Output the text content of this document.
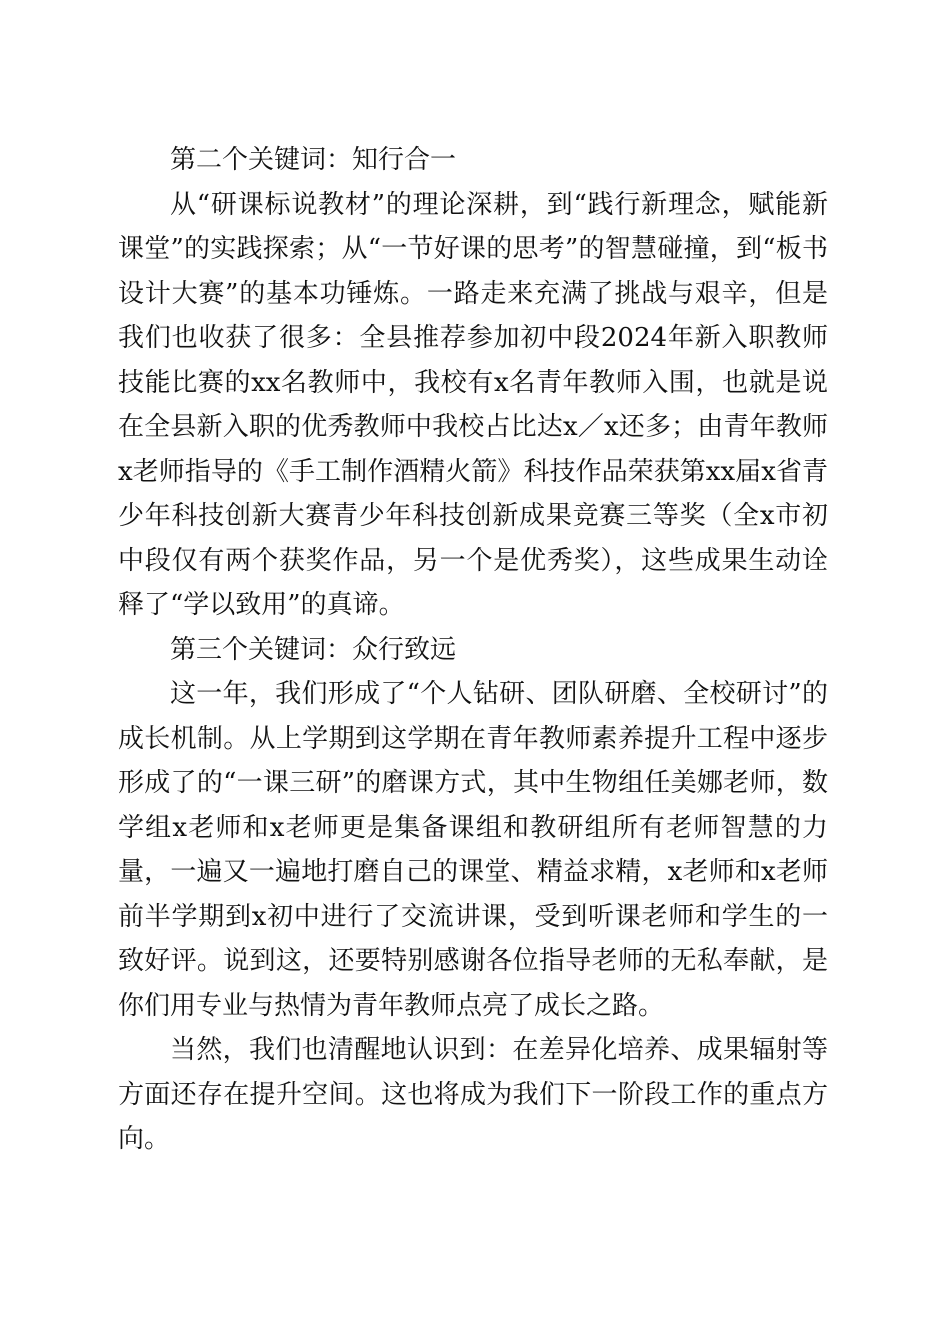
第二个关键词：知行合一

从“研课标说教材”的理论深耕，到“践行新理念，赋能新课堂”的实践探索；从“一节好课的思考”的智慧碰撞，到“板书设计大赛”的基本功锤炼。一路走来充满了挑战与艰辛，但是我们也收获了很多：全县推荐参加初中段2024年新入职教师技能比赛的xx名教师中，我校有x名青年教师入围，也就是说在全县新入职的优秀教师中我校占比达x／x还多；由青年教师x老师指导的《手工制作酒精火箭》科技作品荣获第xx届x省青少年科技创新大赛青少年科技创新成果竞赛三等奖（全x市初中段仅有两个获奖作品，另一个是优秀奖），这些成果生动诠释了“学以致用”的真谛。

第三个关键词：众行致远

这一年，我们形成了“个人钻研、团队研磨、全校研讨”的成长机制。从上学期到这学期在青年教师素养提升工程中逐步形成了的“一课三研”的磨课方式，其中生物组任美娜老师，数学组x老师和x老师更是集备课组和教研组所有老师智慧的力量，一遍又一遍地打磨自己的课堂、精益求精，x老师和x老师前半学期到x初中进行了交流讲课，受到听课老师和学生的一致好评。说到这，还要特别感谢各位指导老师的无私奉献，是你们用专业与热情为青年教师点亮了成长之路。

当然，我们也清醒地认识到：在差异化培养、成果辐射等方面还存在提升空间。这也将成为我们下一阶段工作的重点方向。
